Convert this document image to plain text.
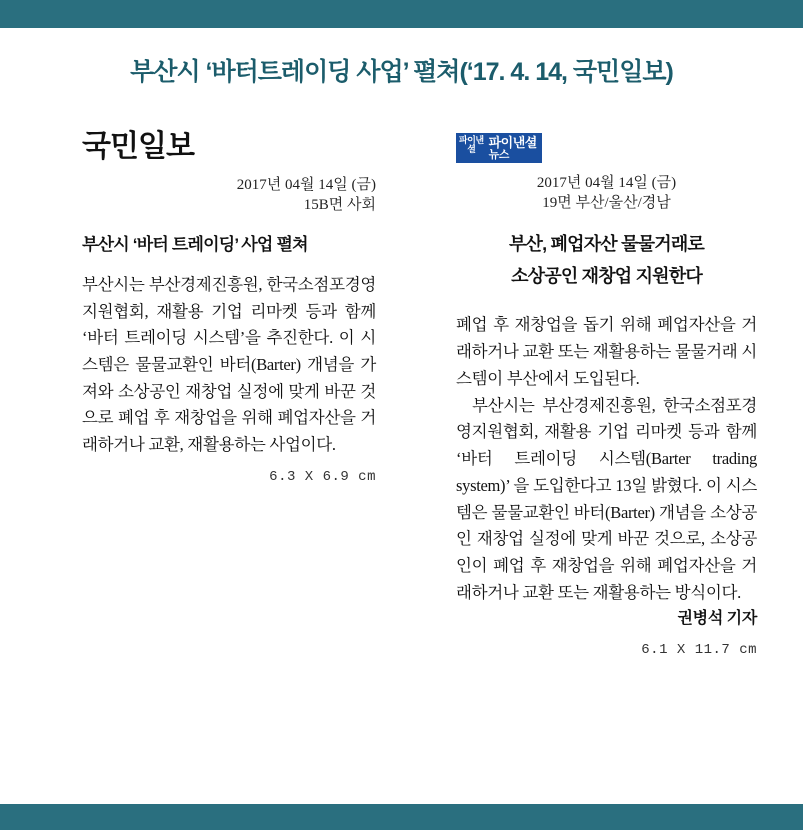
부산시 ‘바터트레이딩 사업’ 펼쳐(‘17. 4. 14, 국민일보)
국민일보
2017년 04월 14일 (금)
15B면 사회
부산시 ‘바터 트레이딩’ 사업 펼쳐

부산시는 부산경제진흥원, 한국소점포경영지원협회, 재활용 기업 리마켓 등과 함께 ‘바터 트레이딩 시스템’을 추진한다. 이 시스템은 물물교환인 바터(Barter) 개념을 가져와 소상공인 재창업 실정에 맞게 바꾼 것으로 폐업 후 재창업을 위해 폐업자산을 거래하거나 교환, 재활용하는 사업이다.

6.3 X 6.9 cm
파이낸
셜	파이낸셜
뉴스
2017년 04월 14일 (금)
19면 부산/울산/경남
부산, 폐업자산 물물거래로
소상공인 재창업 지원한다

폐업 후 재창업을 돕기 위해 폐업자산을 거래하거나 교환 또는 재활용하는 물물거래 시스템이 부산에서 도입된다.

부산시는 부산경제진흥원, 한국소점포경영지원협회, 재활용 기업 리마켓 등과 함께 ‘바터 트레이딩 시스템(Barter trading system)’ 을 도입한다고 13일 밝혔다. 이 시스템은 물물교환인 바터(Barter) 개념을 소상공인 재창업 실정에 맞게 바꾼 것으로, 소상공인이 폐업 후 재창업을 위해 폐업자산을 거래하거나 교환 또는 재활용하는 방식이다.

권병석 기자
6.1 X 11.7 cm
